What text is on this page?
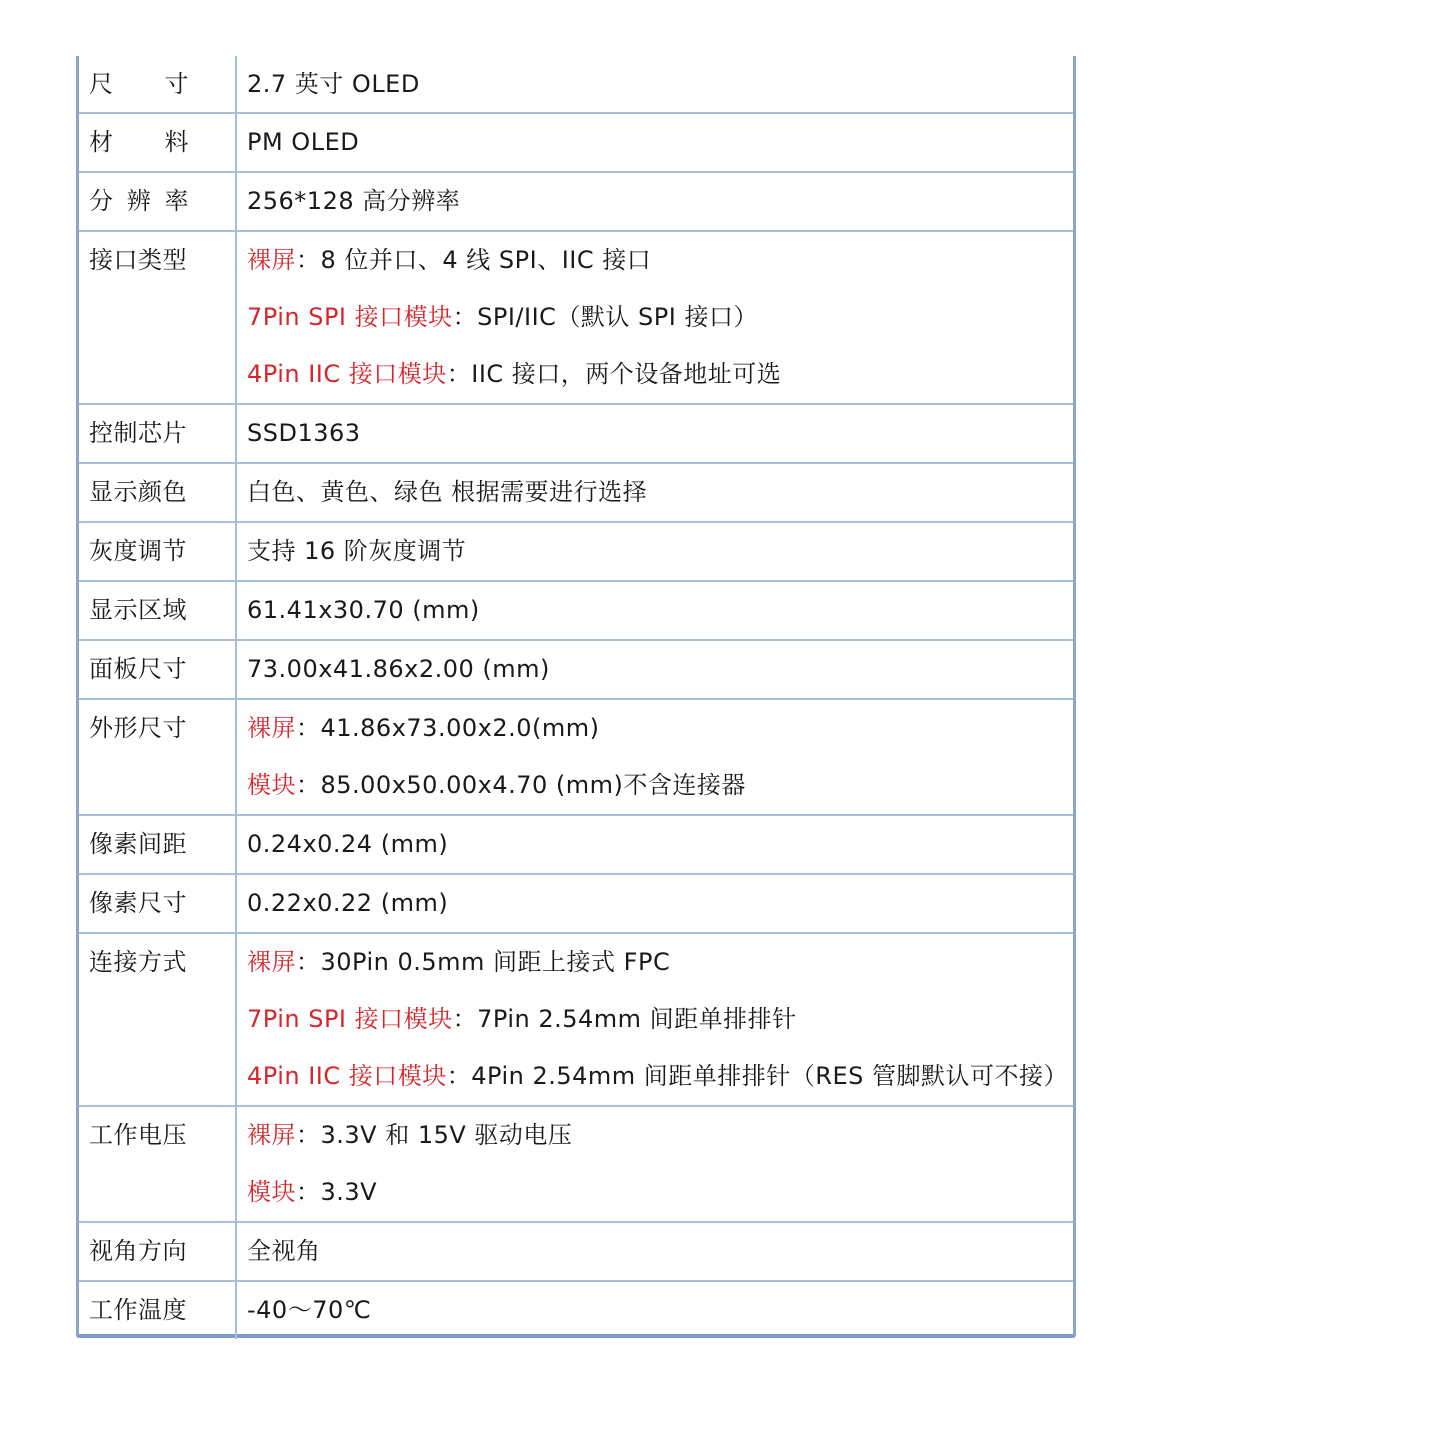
尺 寸	2.7 英寸 OLED

材 料	PM OLED

分 辨 率	256*128 高分辨率

接口类型	裸屏：8 位并口、4 线 SPI、IIC 接口
7Pin SPI 接口模块：SPI/IIC（默认 SPI 接口）
4Pin IIC 接口模块：IIC 接口，两个设备地址可选

控制芯片	SSD1363

显示颜色	白色、黄色、绿色 根据需要进行选择

灰度调节	支持 16 阶灰度调节

显示区域	61.41x30.70 (mm)

面板尺寸	73.00x41.86x2.00 (mm)

外形尺寸	裸屏：41.86x73.00x2.0(mm)
模块：85.00x50.00x4.70 (mm)不含连接器

像素间距	0.24x0.24 (mm)

像素尺寸	0.22x0.22 (mm)

连接方式	裸屏：30Pin 0.5mm 间距上接式 FPC
7Pin SPI 接口模块：7Pin 2.54mm 间距单排排针
4Pin IIC 接口模块：4Pin 2.54mm 间距单排排针（RES 管脚默认可不接）

工作电压	裸屏：3.3V 和 15V 驱动电压
模块：3.3V

视角方向	全视角

工作温度	-40～70℃
